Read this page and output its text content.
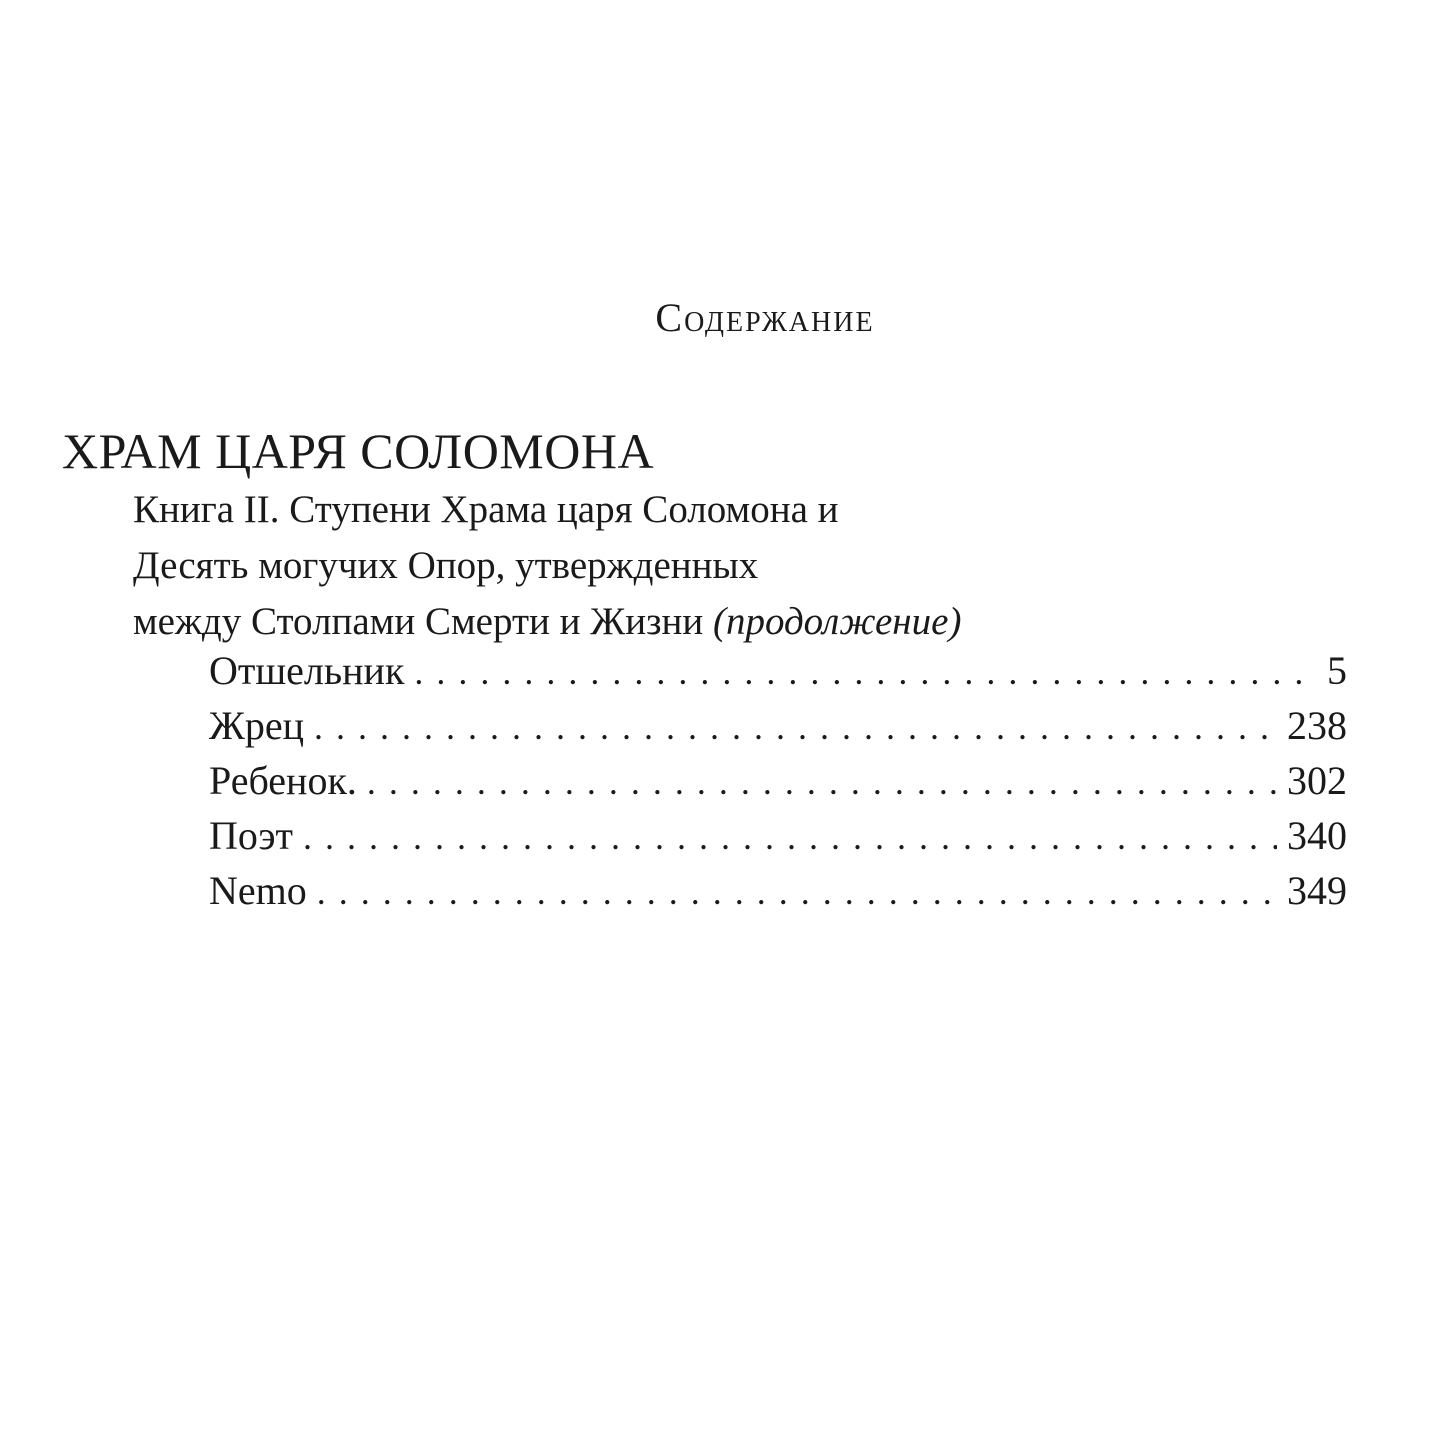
Содержание
ХРАМ ЦАРЯ СОЛОМОНА
Книга II. Ступени Храма царя Соломона и
Десять могучих Опор, утвержденных
между Столпами Смерти и Жизни (продолжение)
Отшельник . . .	5
Жрец . . .	238
Ребенок. . . .	302
Поэт . . .	340
Nemo . . .	349
